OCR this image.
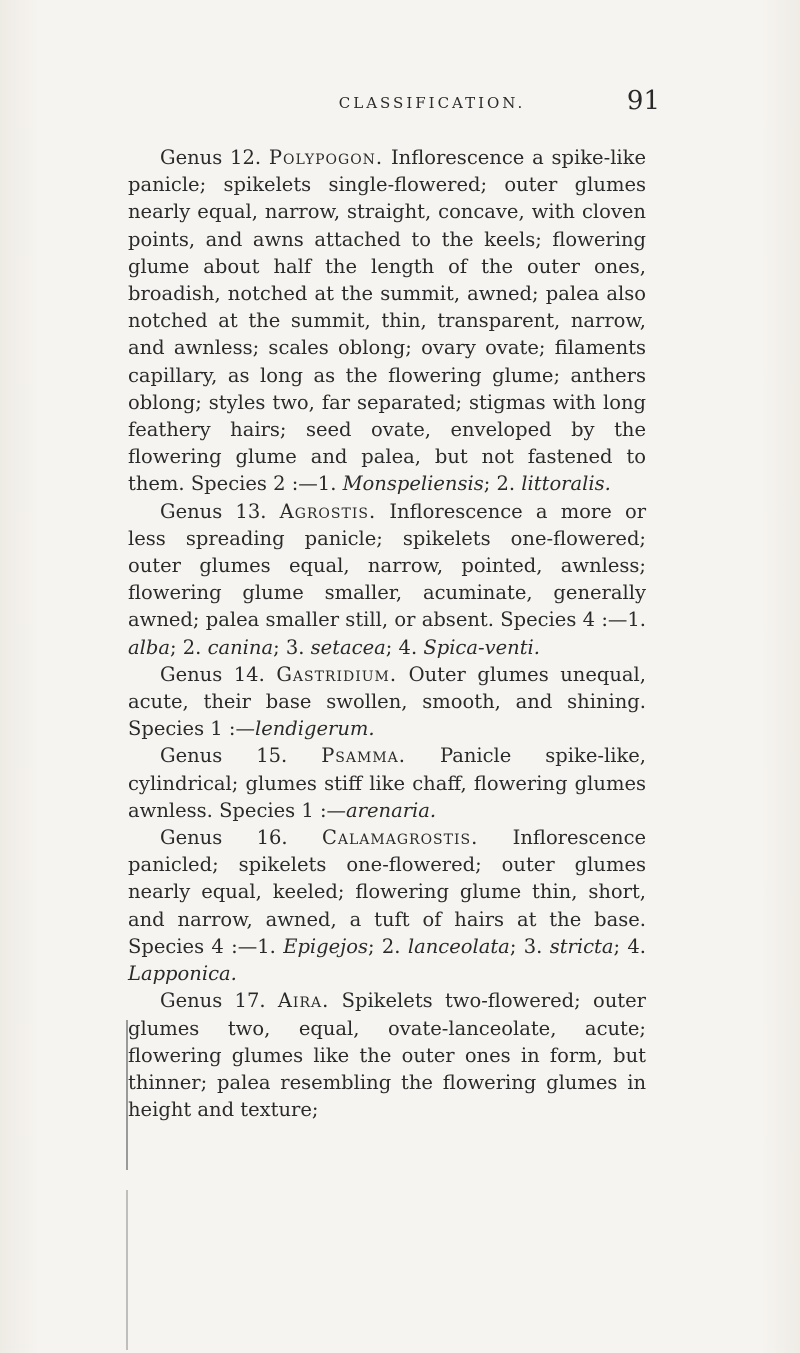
CLASSIFICATION.	91

Genus 12. Polypogon. Inflorescence a spike-like panicle; spikelets single-flowered; outer glumes nearly equal, narrow, straight, concave, with cloven points, and awns attached to the keels; flowering glume about half the length of the outer ones, broadish, notched at the summit, awned; palea also notched at the summit, thin, transparent, narrow, and awnless; scales oblong; ovary ovate; filaments capillary, as long as the flowering glume; anthers oblong; styles two, far separated; stigmas with long feathery hairs; seed ovate, enveloped by the flowering glume and palea, but not fastened to them. Species 2 :—1. Monspeliensis; 2. littoralis.

Genus 13. Agrostis. Inflorescence a more or less spreading panicle; spikelets one-flowered; outer glumes equal, narrow, pointed, awnless; flowering glume smaller, acuminate, generally awned; palea smaller still, or absent. Species 4 :—1. alba; 2. canina; 3. setacea; 4. Spica-venti.

Genus 14. Gastridium. Outer glumes unequal, acute, their base swollen, smooth, and shining. Species 1 :—lendigerum.

Genus 15. Psamma. Panicle spike-like, cylindrical; glumes stiff like chaff, flowering glumes awnless. Species 1 :—arenaria.

Genus 16. Calamagrostis. Inflorescence panicled; spikelets one-flowered; outer glumes nearly equal, keeled; flowering glume thin, short, and narrow, awned, a tuft of hairs at the base. Species 4 :—1. Epigejos; 2. lanceolata; 3. stricta; 4. Lapponica.

Genus 17. Aira. Spikelets two-flowered; outer glumes two, equal, ovate-lanceolate, acute; flowering glumes like the outer ones in form, but thinner; palea resembling the flowering glumes in height and texture;
